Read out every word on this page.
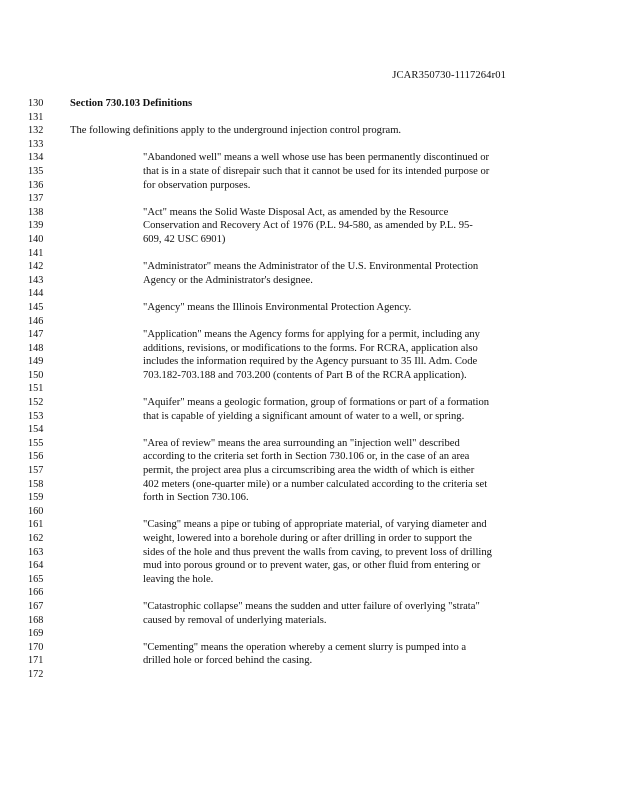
JCAR350730-1117264r01
130	Section 730.103 Definitions
131
132	The following definitions apply to the underground injection control program.
133
134	"Abandoned well" means a well whose use has been permanently discontinued or
135	that is in a state of disrepair such that it cannot be used for its intended purpose or
136	for observation purposes.
137
138	"Act" means the Solid Waste Disposal Act, as amended by the Resource
139	Conservation and Recovery Act of 1976 (P.L. 94-580, as amended by P.L. 95-
140	609, 42 USC 6901)
141
142	"Administrator" means the Administrator of the U.S. Environmental Protection
143	Agency or the Administrator's designee.
144
145	"Agency" means the Illinois Environmental Protection Agency.
146
147	"Application" means the Agency forms for applying for a permit, including any
148	additions, revisions, or modifications to the forms. For RCRA, application also
149	includes the information required by the Agency pursuant to 35 Ill. Adm. Code
150	703.182-703.188 and 703.200 (contents of Part B of the RCRA application).
151
152	"Aquifer" means a geologic formation, group of formations or part of a formation
153	that is capable of yielding a significant amount of water to a well, or spring.
154
155	"Area of review" means the area surrounding an "injection well" described
156	according to the criteria set forth in Section 730.106 or, in the case of an area
157	permit, the project area plus a circumscribing area the width of which is either
158	402 meters (one-quarter mile) or a number calculated according to the criteria set
159	forth in Section 730.106.
160
161	"Casing" means a pipe or tubing of appropriate material, of varying diameter and
162	weight, lowered into a borehole during or after drilling in order to support the
163	sides of the hole and thus prevent the walls from caving, to prevent loss of drilling
164	mud into porous ground or to prevent water, gas, or other fluid from entering or
165	leaving the hole.
166
167	"Catastrophic collapse" means the sudden and utter failure of overlying "strata"
168	caused by removal of underlying materials.
169
170	"Cementing" means the operation whereby a cement slurry is pumped into a
171	drilled hole or forced behind the casing.
172
